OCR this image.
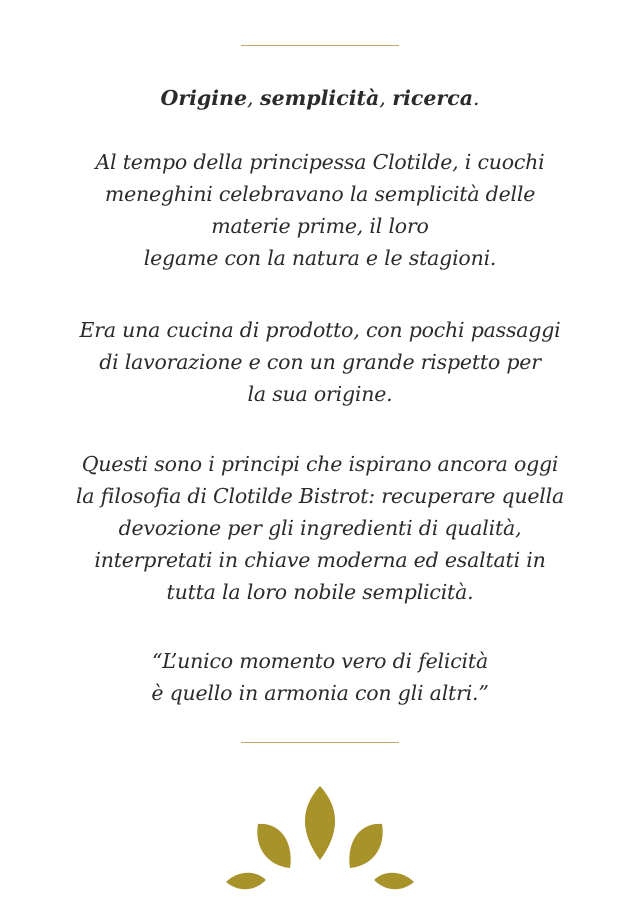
Origine, semplicità, ricerca.
Al tempo della principessa Clotilde, i cuochi
meneghini celebravano la semplicità delle
materie prime, il loro
legame con la natura e le stagioni.
Era una cucina di prodotto, con pochi passaggi
di lavorazione e con un grande rispetto per
la sua origine.
Questi sono i principi che ispirano ancora oggi
la filosofia di Clotilde Bistrot: recuperare quella
devozione per gli ingredienti di qualità,
interpretati in chiave moderna ed esaltati in
tutta la loro nobile semplicità.
“L’unico momento vero di felicità
è quello in armonia con gli altri.”
